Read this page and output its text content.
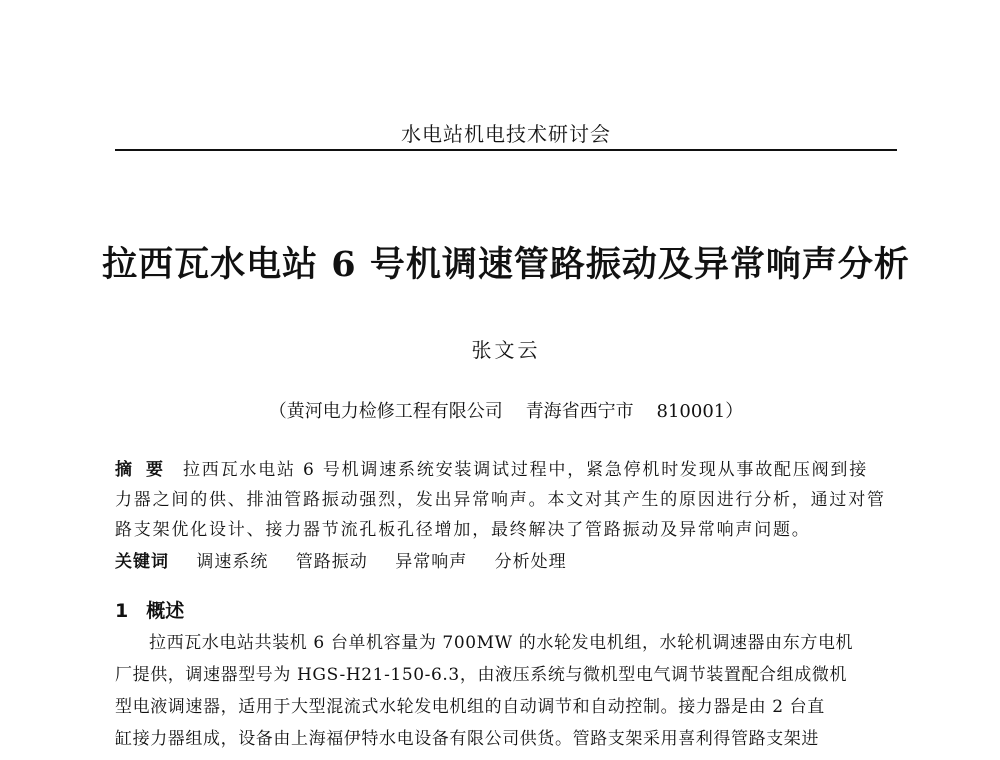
水电站机电技术研讨会
拉西瓦水电站 6 号机调速管路振动及异常响声分析
张文云
（黄河电力检修工程有限公司    青海省西宁市    810001）
摘要 拉西瓦水电站 6 号机调速系统安装调试过程中，紧急停机时发现从事故配压阀到接
力器之间的供、排油管路振动强烈，发出异常响声。本文对其产生的原因进行分析，通过对管
路支架优化设计、接力器节流孔板孔径增加，最终解决了管路振动及异常响声问题。
关键词 调速系统 管路振动 异常响声 分析处理
1 概述
拉西瓦水电站共装机 6 台单机容量为 700MW 的水轮发电机组，水轮机调速器由东方电机
厂提供，调速器型号为 HGS-H21-150-6.3，由液压系统与微机型电气调节装置配合组成微机
型电液调速器，适用于大型混流式水轮发电机组的自动调节和自动控制。接力器是由 2 台直
缸接力器组成，设备由上海福伊特水电设备有限公司供货。管路支架采用喜利得管路支架进
